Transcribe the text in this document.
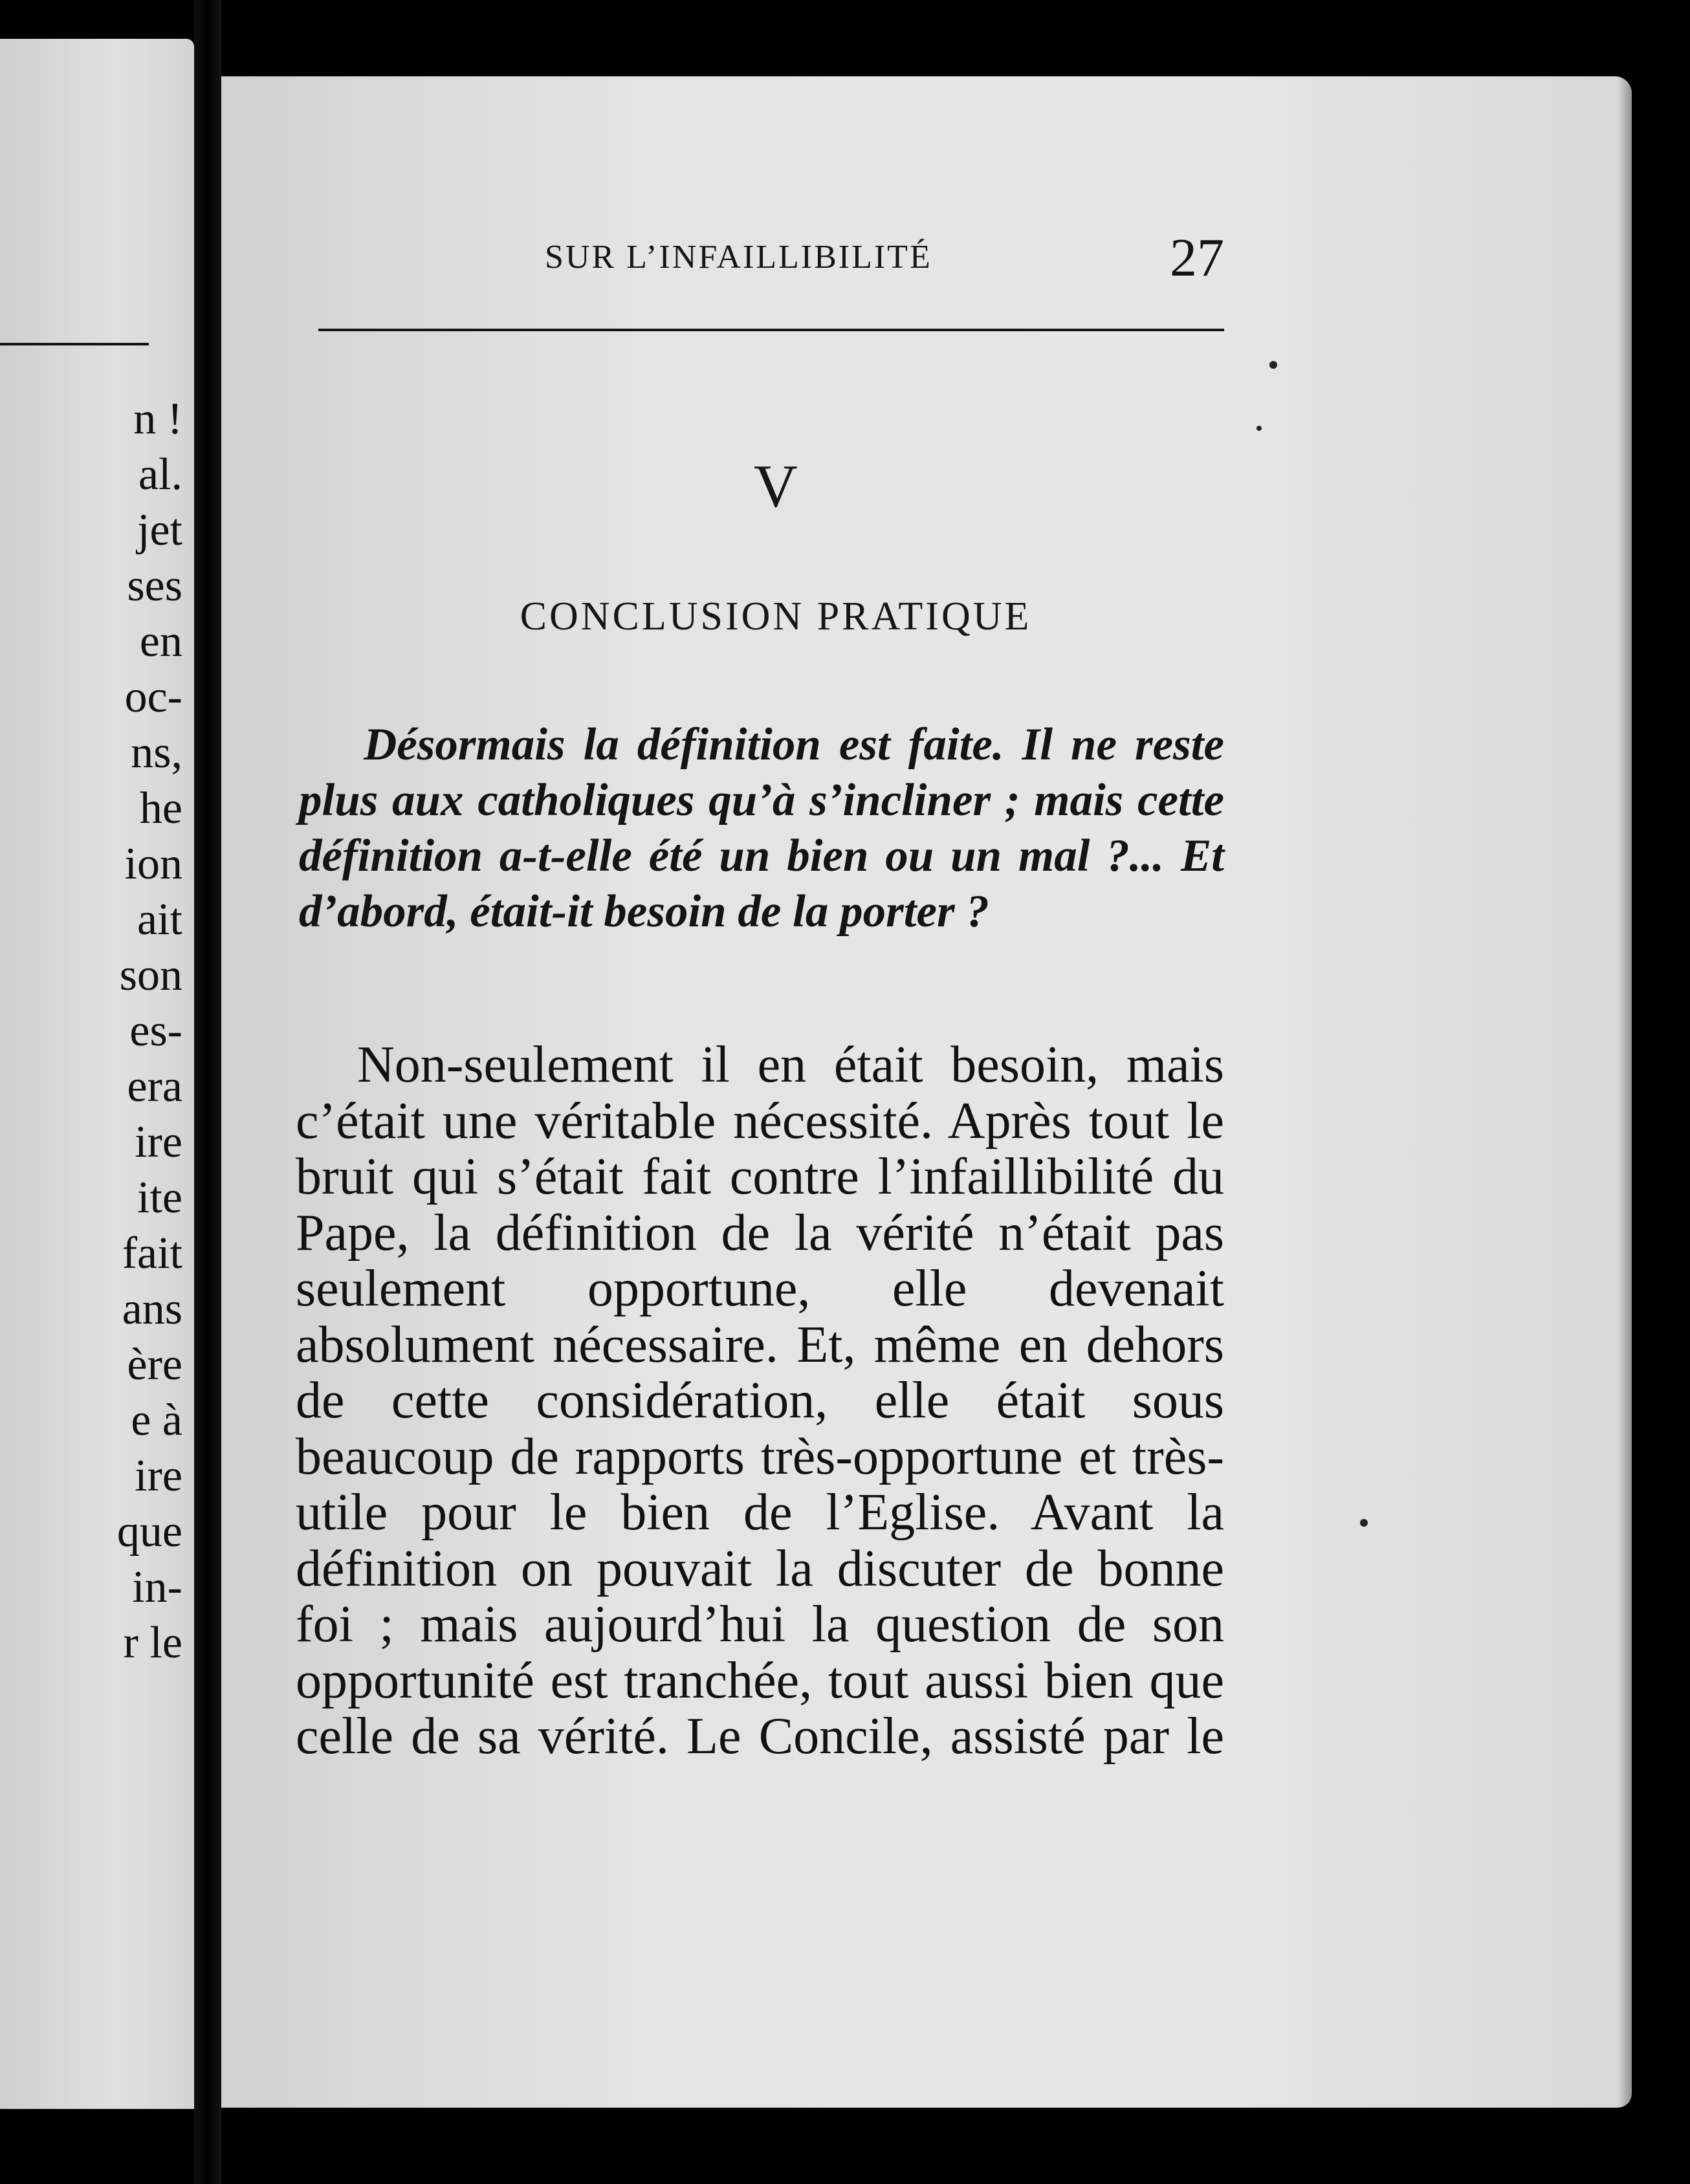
n !
al.
jet
ses
en
oc-
ns,
he
ion
ait
son
es-
era
ire
ite
fait
ans
ère
e à
ire
que
in-
r le
SUR L’INFAILLIBILITÉ	27
V
CONCLUSION PRATIQUE

Désormais la définition est faite. Il ne reste plus aux catholiques qu’à s’incliner ; mais cette définition a-t-elle été un bien ou un mal ?... Et d’abord, était-it besoin de la porter ?

Non-seulement il en était besoin, mais c’était une véritable nécessité. Après tout le bruit qui s’était fait contre l’infaillibilité du Pape, la définition de la vérité n’était pas seulement opportune, elle devenait absolument nécessaire. Et, même en dehors de cette considération, elle était sous beaucoup de rapports très-opportune et très-utile pour le bien de l’Eglise. Avant la définition on pouvait la discuter de bonne foi ; mais aujourd’hui la question de son opportunité est tranchée, tout aussi bien que celle de sa vérité. Le Concile, assisté par le
